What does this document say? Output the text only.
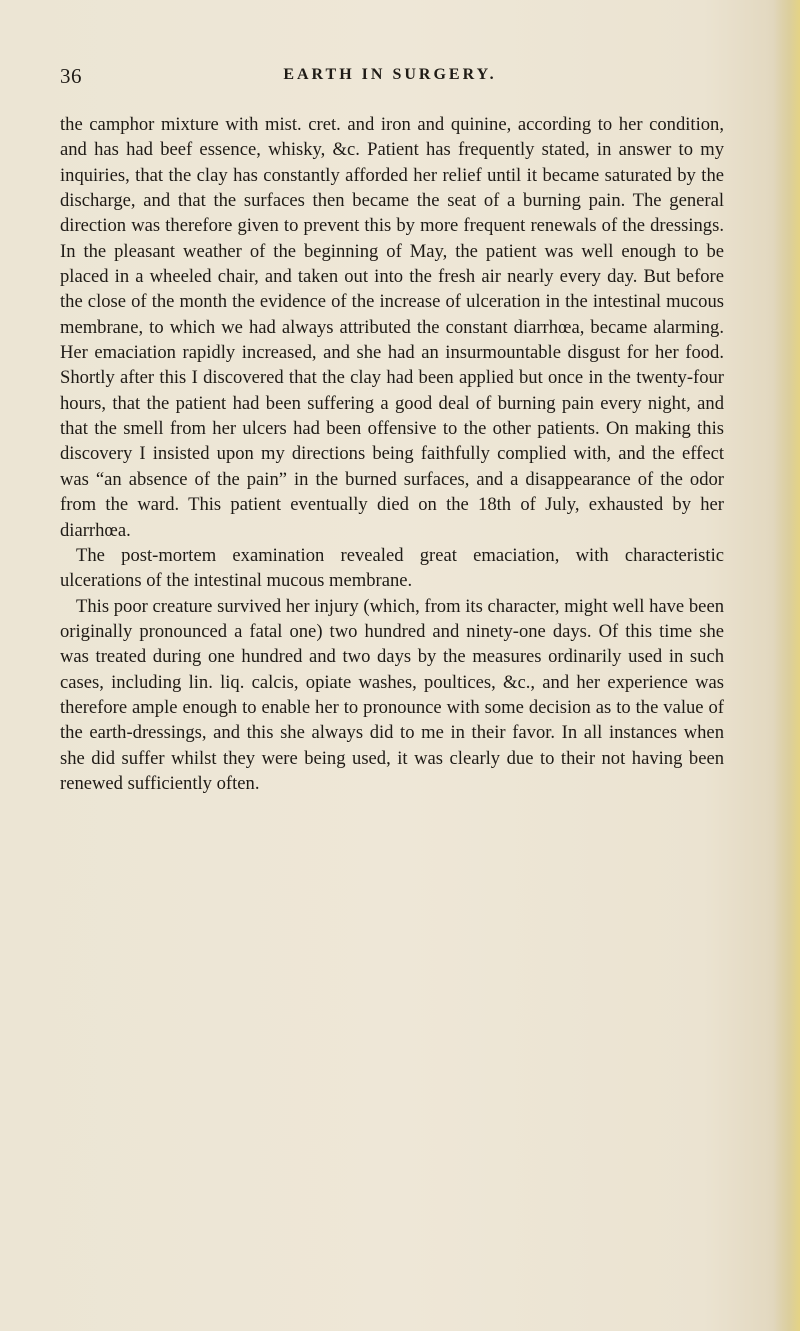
36	EARTH IN SURGERY.

the camphor mixture with mist. cret. and iron and quinine, according to her condition, and has had beef essence, whisky, &c. Patient has frequently stated, in answer to my inquiries, that the clay has constantly afforded her relief until it became saturated by the discharge, and that the surfaces then became the seat of a burning pain. The general direction was therefore given to prevent this by more frequent renewals of the dressings. In the pleasant weather of the beginning of May, the patient was well enough to be placed in a wheeled chair, and taken out into the fresh air nearly every day. But before the close of the month the evidence of the increase of ulceration in the intestinal mucous membrane, to which we had always attributed the constant diarrhœa, became alarming. Her emaciation rapidly increased, and she had an insurmountable disgust for her food. Shortly after this I discovered that the clay had been applied but once in the twenty-four hours, that the patient had been suffering a good deal of burning pain every night, and that the smell from her ulcers had been offensive to the other patients. On making this discovery I insisted upon my directions being faithfully complied with, and the effect was “an absence of the pain” in the burned surfaces, and a disappearance of the odor from the ward. This patient eventually died on the 18th of July, exhausted by her diarrhœa.

The post-mortem examination revealed great emaciation, with characteristic ulcerations of the intestinal mucous membrane.

This poor creature survived her injury (which, from its character, might well have been originally pronounced a fatal one) two hundred and ninety-one days. Of this time she was treated during one hundred and two days by the measures ordinarily used in such cases, including lin. liq. calcis, opiate washes, poultices, &c., and her experience was therefore ample enough to enable her to pronounce with some decision as to the value of the earth-dressings, and this she always did to me in their favor. In all instances when she did suffer whilst they were being used, it was clearly due to their not having been renewed sufficiently often.
